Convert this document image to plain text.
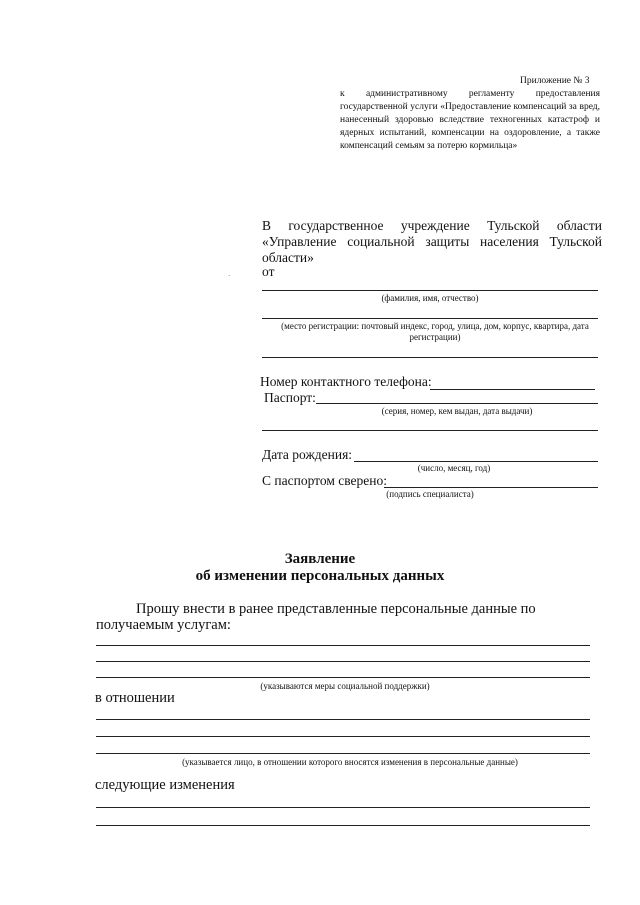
Приложение № 3
к административному регламенту предоставления государственной услуги «Предоставление компенсаций за вред, нанесенный здоровью вследствие техногенных катастроф и ядерных испытаний, компенсации на оздоровление, а также компенсаций семьям за потерю кормильца»
В государственное учреждение Тульской области «Управление социальной защиты населения Тульской области»
от
·
(фамилия, имя, отчество)
(место регистрации: почтовый индекс, город, улица, дом, корпус, квартира, дата регистрации)
Номер контактного телефона:
Паспорт:
(серия, номер, кем выдан, дата выдачи)
Дата рождения:
(число, месяц, год)
С паспортом сверено:
(подпись специалиста)
Заявление
об изменении персональных данных
Прошу внести в ранее представленные персональные данные по получаемым услугам:
(указываются меры социальной поддержки)
в отношении
(указывается лицо, в отношении которого вносятся изменения в персональные данные)
следующие изменения
